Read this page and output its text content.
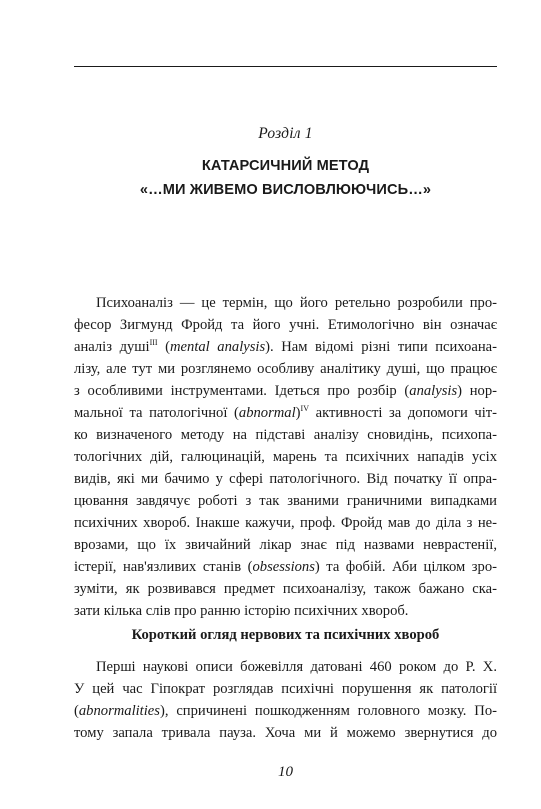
Розділ 1
КАТАРСИЧНИЙ МЕТОД
«…МИ ЖИВЕМО ВИСЛОВЛЮЮЧИСЬ…»
Психоаналіз — це термін, що його ретельно розробили про-
фесор Зигмунд Фройд та його учні. Етимологічно він означає
аналіз душі$^{III}$ (mental analysis). Нам відомі різні типи психоана-
лізу, але тут ми розглянемо особливу аналітику душі, що працює
з особливими інструментами. Ідеться про розбір (analysis) нор-
мальної та патологічної (abnormal)$^{IV}$ активності за допомоги чіт-
ко визначеного методу на підставі аналізу сновидінь, психопа-
тологічних дій, галюцинацій, марень та психічних нападів усіх
видів, які ми бачимо у сфері патологічного. Від початку її опра-
цювання завдячує роботі з так званими граничними випадками
психічних хвороб. Інакше кажучи, проф. Фройд мав до діла з не-
врозами, що їх звичайний лікар знає під назвами неврастенії,
істерії, нав'язливих станів (obsessions) та фобій. Аби цілком зро-
зуміти, як розвивався предмет психоаналізу, також бажано ска-
зати кілька слів про ранню історію психічних хвороб.
Короткий огляд нервових та психічних хвороб
Перші наукові описи божевілля датовані 460 роком до Р. Х.
У цей час Гіпократ розглядав психічні порушення як патології
(abnormalities), спричинені пошкодженням головного мозку. По-
тому запала тривала пауза. Хоча ми й можемо звернутися до
10
